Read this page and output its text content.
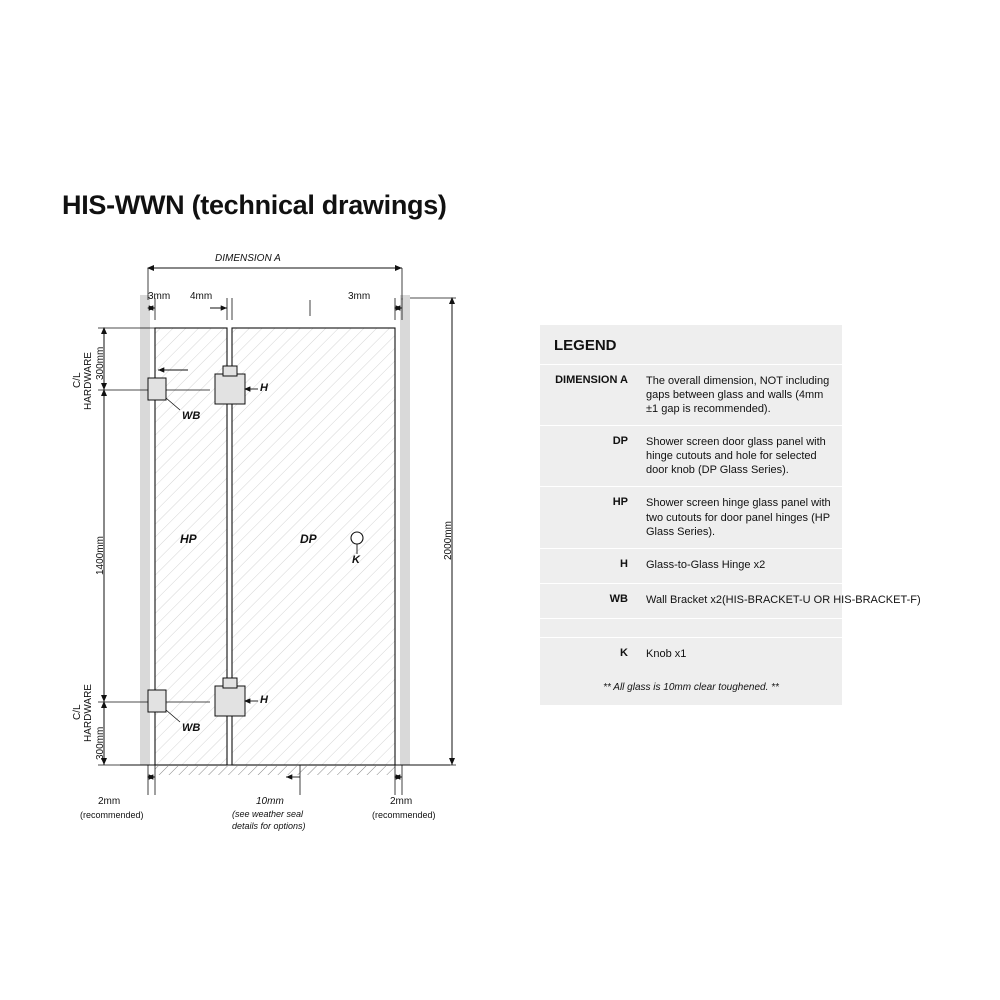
HIS-WWN (technical drawings)
DIMENSION A
3mm 4mm	3mm
2000mm
C/L HARDWARE 300mm
1400mm
C/L HARDWARE
300mm
HP	DP
H
H
WB
WB
K
2mm
(recommended)
10mm
(see weather seal
details for options)
2mm
(recommended)
LEGEND
DIMENSION A	The overall dimension, NOT including gaps between glass and walls (4mm ±1 gap is recommended).
DP	Shower screen door glass panel with hinge cutouts and hole for selected door knob (DP Glass Series).
HP	Shower screen hinge glass panel with two cutouts for door panel hinges (HP Glass Series).
H	Glass-to-Glass Hinge x2
WB	Wall Bracket x2(HIS-BRACKET-U OR HIS-BRACKET-F)
K	Knob x1
** All glass is 10mm clear toughened. **
